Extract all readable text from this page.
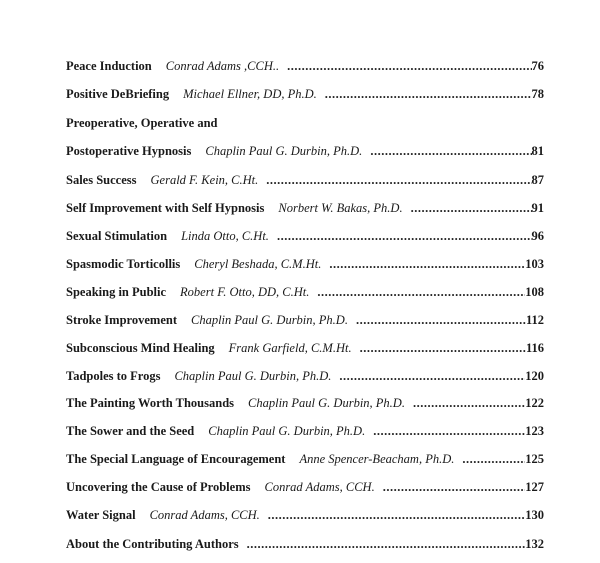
Peace Induction Conrad Adams ,CCH.. .....	76
Positive DeBriefing Michael Ellner, DD, Ph.D. .....	78
Preoperative, Operative and
Postoperative Hypnosis Chaplin Paul G. Durbin, Ph.D. .....	81
Sales Success Gerald F. Kein, C.Ht. .....	87
Self Improvement with Self Hypnosis Norbert W. Bakas, Ph.D. .....	91
Sexual Stimulation Linda Otto, C.Ht. .....	96
Spasmodic Torticollis Cheryl Beshada, C.M.Ht. .....	103
Speaking in Public Robert F. Otto, DD, C.Ht. .....	108
Stroke Improvement Chaplin Paul G. Durbin, Ph.D. .....	112
Subconscious Mind Healing Frank Garfield, C.M.Ht. .....	116
Tadpoles to Frogs Chaplin Paul G. Durbin, Ph.D. .....	120
The Painting Worth Thousands Chaplin Paul G. Durbin, Ph.D. .....	122
The Sower and the Seed Chaplin Paul G. Durbin, Ph.D. .....	123
The Special Language of Encouragement Anne Spencer-Beacham, Ph.D. .....	125
Uncovering the Cause of Problems Conrad Adams, CCH. .....	127
Water Signal Conrad Adams, CCH. .....	130
About the Contributing Authors .....	132
